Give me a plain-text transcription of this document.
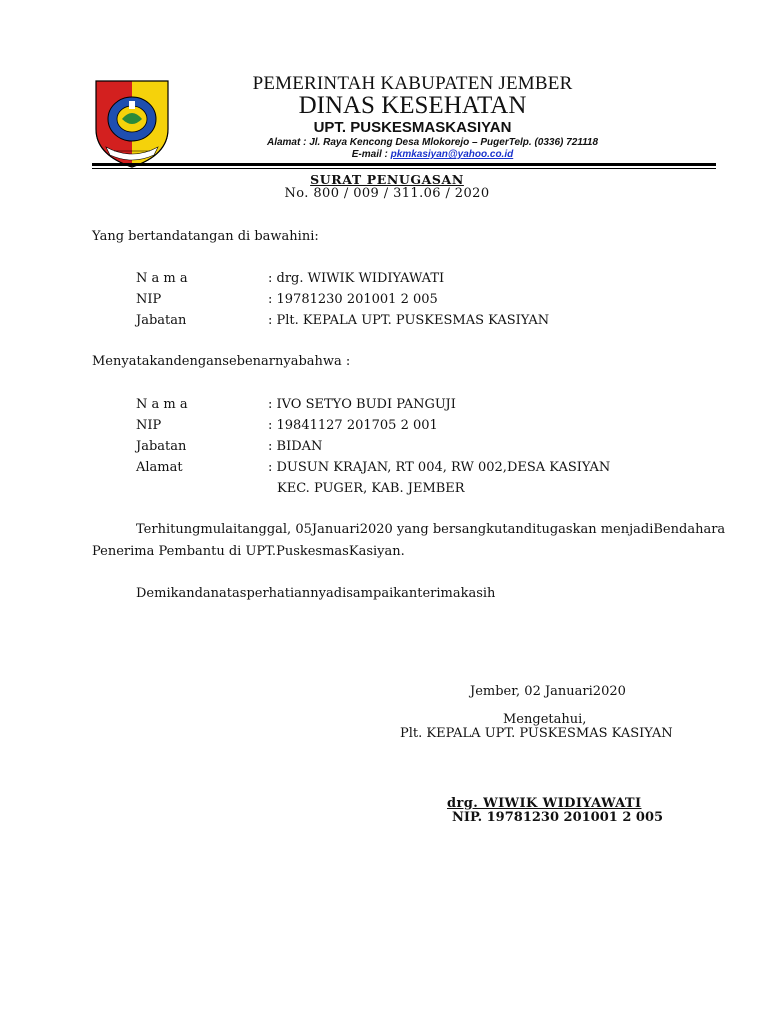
PEMERINTAH KABUPATEN JEMBER
DINAS KESEHATAN
UPT. PUSKESMASKASIYAN
Alamat : Jl. Raya Kencong Desa Mlokorejo – PugerTelp. (0336) 721118
E-mail : pkmkasiyan@yahoo.co.id
SURAT PENUGASAN
No. 800 / 009 / 311.06 / 2020
Yang bertandatangan di bawahini:
N a m a	: drg. WIWIK WIDIYAWATI
NIP	: 19781230 201001 2 005
Jabatan	: Plt. KEPALA UPT. PUSKESMAS KASIYAN
Menyatakandengansebenarnyabahwa :
N a m a	: IVO SETYO BUDI PANGUJI
NIP	: 19841127 201705 2 001
Jabatan	: BIDAN
Alamat	: DUSUN KRAJAN, RT 004, RW 002,DESA KASIYAN
KEC. PUGER, KAB. JEMBER
Terhitungmulaitanggal, 05Januari2020 yang bersangkutanditugaskan menjadiBendahara
Penerima Pembantu di UPT.PuskesmasKasiyan.
Demikandanatasperhatiannyadisampaikanterimakasih
Jember, 02 Januari2020
Mengetahui,
Plt. KEPALA UPT. PUSKESMAS KASIYAN
drg. WIWIK WIDIYAWATI
NIP. 19781230 201001 2 005
